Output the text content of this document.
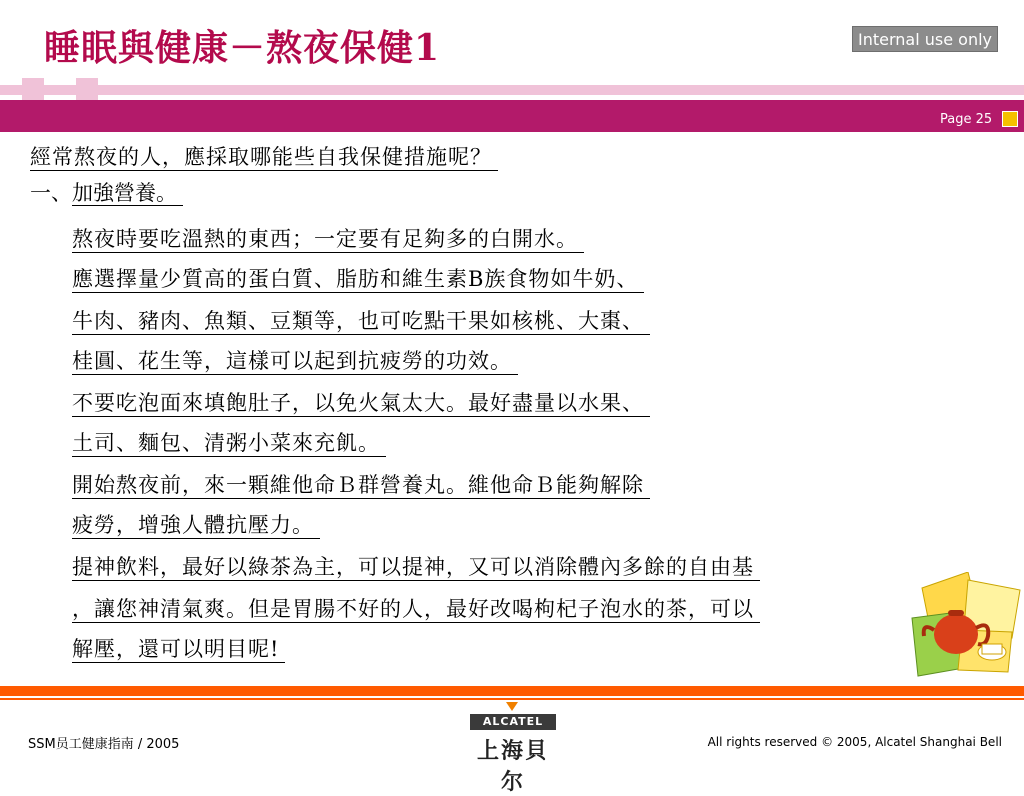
睡眠與健康－熬夜保健1	Internal use only
Page 25
經常熬夜的人，應採取哪能些自我保健措施呢？
一、加強營養。
熬夜時要吃溫熱的東西；一定要有足夠多的白開水。
應選擇量少質高的蛋白質、脂肪和維生素B族食物如牛奶、
牛肉、豬肉、魚類、豆類等，也可吃點干果如核桃、大棗、
桂圓、花生等，這樣可以起到抗疲勞的功效。
不要吃泡面來填飽肚子，以免火氣太大。最好盡量以水果、
土司、麵包、清粥小菜來充飢。
開始熬夜前，來一顆維他命Ｂ群營養丸。維他命Ｂ能夠解除
疲勞，增強人體抗壓力。
提神飲料，最好以綠茶為主，可以提神，又可以消除體內多餘的自由基
，讓您神清氣爽。但是胃腸不好的人，最好改喝枸杞子泡水的茶，可以
解壓，還可以明目呢!
SSM员工健康指南 / 2005
ALCATEL
上海貝尔
All rights reserved © 2005, Alcatel Shanghai Bell
